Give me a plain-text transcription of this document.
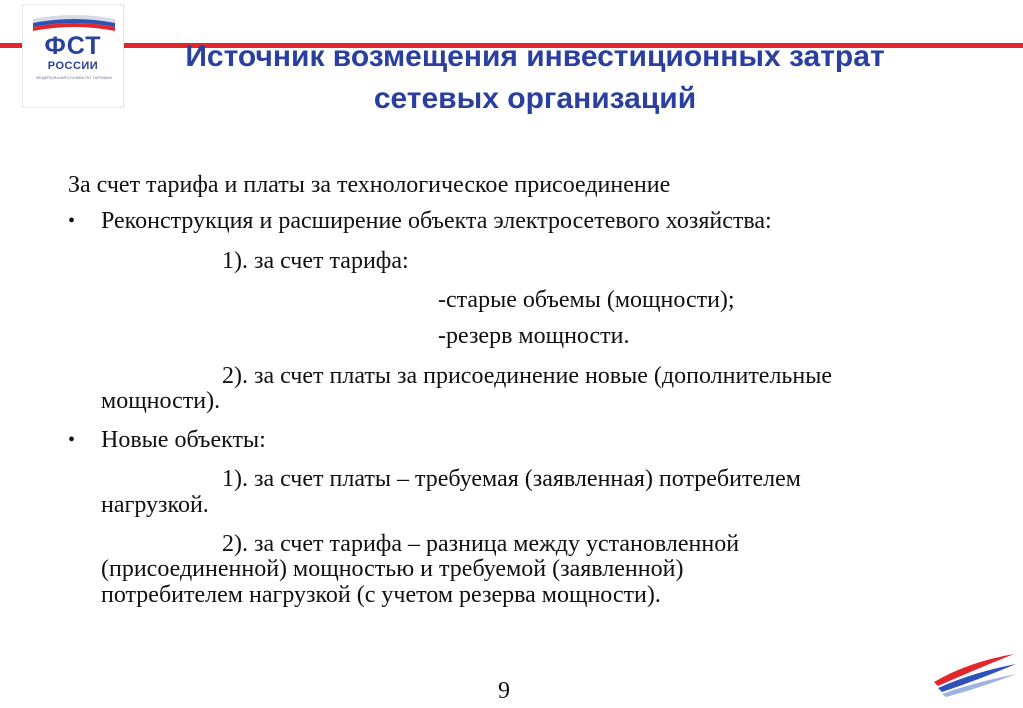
ФСТ
РОССИИ
ФЕДЕРАЛЬНАЯ СЛУЖБА ПО ТАРИФАМ
Источник возмещения инвестиционных затрат
сетевых организаций
За счет тарифа и платы за технологическое присоединение
• Реконструкция и расширение объекта электросетевого хозяйства:
1). за счет тарифа:
-старые объемы (мощности);
-резерв мощности.
2). за счет платы за присоединение новые (дополнительные
мощности).
• Новые объекты:
1). за счет платы – требуемая (заявленная) потребителем
нагрузкой.
2). за счет тарифа – разница между установленной
(присоединенной) мощностью и требуемой (заявленной)
потребителем нагрузкой (с учетом резерва мощности).
9
